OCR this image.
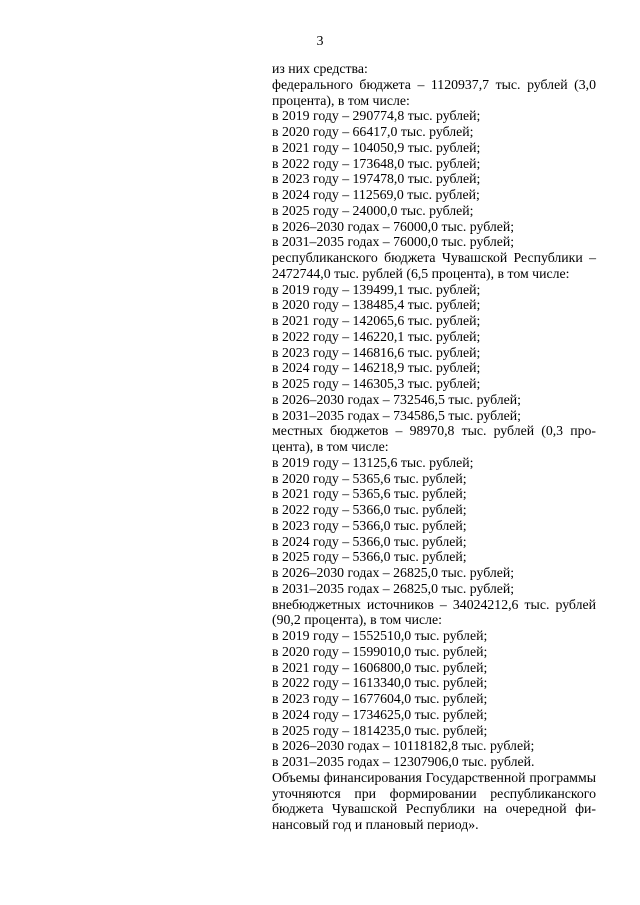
3

из них средства:

федерального бюджета – 1120937,7 тыс. рублей (3,0 процента), в том числе:

в 2019 году – 290774,8 тыс. рублей;

в 2020 году – 66417,0 тыс. рублей;

в 2021 году – 104050,9 тыс. рублей;

в 2022 году – 173648,0 тыс. рублей;

в 2023 году – 197478,0 тыс. рублей;

в 2024 году – 112569,0 тыс. рублей;

в 2025 году – 24000,0 тыс. рублей;

в 2026–2030 годах – 76000,0 тыс. рублей;

в 2031–2035 годах – 76000,0 тыс. рублей;

республиканского бюджета Чувашской Республики – 2472744,0 тыс. рублей (6,5 процента), в том числе:

в 2019 году – 139499,1 тыс. рублей;

в 2020 году – 138485,4 тыс. рублей;

в 2021 году – 142065,6 тыс. рублей;

в 2022 году – 146220,1 тыс. рублей;

в 2023 году – 146816,6 тыс. рублей;

в 2024 году – 146218,9 тыс. рублей;

в 2025 году – 146305,3 тыс. рублей;

в 2026–2030 годах – 732546,5 тыс. рублей;

в 2031–2035 годах – 734586,5 тыс. рублей;

местных бюджетов – 98970,8 тыс. рублей (0,3 процента), в том числе:

в 2019 году – 13125,6 тыс. рублей;

в 2020 году – 5365,6 тыс. рублей;

в 2021 году – 5365,6 тыс. рублей;

в 2022 году – 5366,0 тыс. рублей;

в 2023 году – 5366,0 тыс. рублей;

в 2024 году – 5366,0 тыс. рублей;

в 2025 году – 5366,0 тыс. рублей;

в 2026–2030 годах – 26825,0 тыс. рублей;

в 2031–2035 годах – 26825,0 тыс. рублей;

внебюджетных источников – 34024212,6 тыс. рублей (90,2 процента), в том числе:

в 2019 году – 1552510,0 тыс. рублей;

в 2020 году – 1599010,0 тыс. рублей;

в 2021 году – 1606800,0 тыс. рублей;

в 2022 году – 1613340,0 тыс. рублей;

в 2023 году – 1677604,0 тыс. рублей;

в 2024 году – 1734625,0 тыс. рублей;

в 2025 году – 1814235,0 тыс. рублей;

в 2026–2030 годах – 10118182,8 тыс. рублей;

в 2031–2035 годах – 12307906,0 тыс. рублей.

Объемы финансирования Государственной программы уточняются при формировании республиканского бюджета Чувашской Республики на очередной финансовый год и плановый период».
